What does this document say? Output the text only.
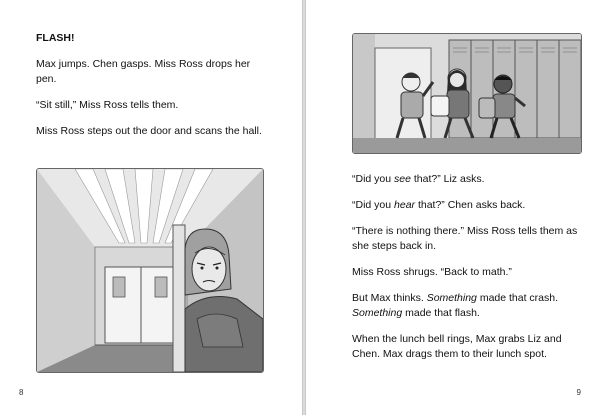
FLASH!

Max jumps. Chen gasps. Miss Ross drops her pen.

“Sit still,” Miss Ross tells them.

Miss Ross steps out the door and scans the hall.

8

“Did you see that?” Liz asks.

“Did you hear that?” Chen asks back.

“There is nothing there.” Miss Ross tells them as she steps back in.

Miss Ross shrugs. “Back to math.”

But Max thinks. Something made that crash. Something made that flash.

When the lunch bell rings, Max grabs Liz and Chen. Max drags them to their lunch spot.

9
